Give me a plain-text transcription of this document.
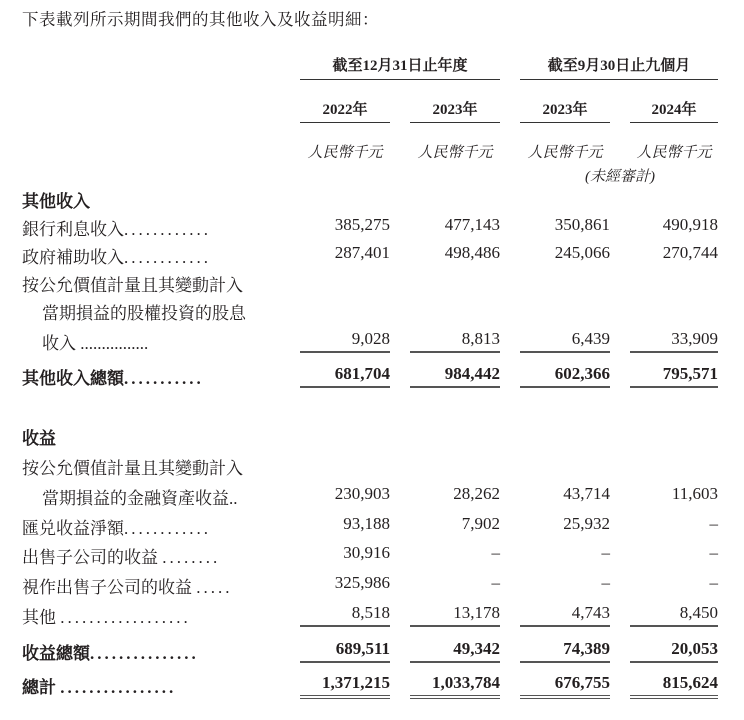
下表載列所示期間我們的其他收入及收益明細：
截至12月31日止年度	截至9月30日止九個月
2022年	2023年	2023年	2024年
人民幣千元	人民幣千元	人民幣千元	人民幣千元
(未經審計)
其他收入
銀行利息收入............	385,275	477,143	350,861	490,918
政府補助收入............	287,401	498,486	245,066	270,744
按公允價值計量且其變動計入
當期損益的股權投資的股息
收入 ................	9,028	8,813	6,439	33,909
其他收入總額...........	681,704	984,442	602,366	795,571
收益
按公允價值計量且其變動計入
當期損益的金融資產收益..	230,903	28,262	43,714	11,603
匯兑收益淨額............	93,188	7,902	25,932	–
出售子公司的收益 ........	30,916	–	–	–
視作出售子公司的收益 .....	325,986	–	–	–
其他 ..................	8,518	13,178	4,743	8,450
收益總額...............	689,511	49,342	74,389	20,053
總計 ................	1,371,215	1,033,784	676,755	815,624
